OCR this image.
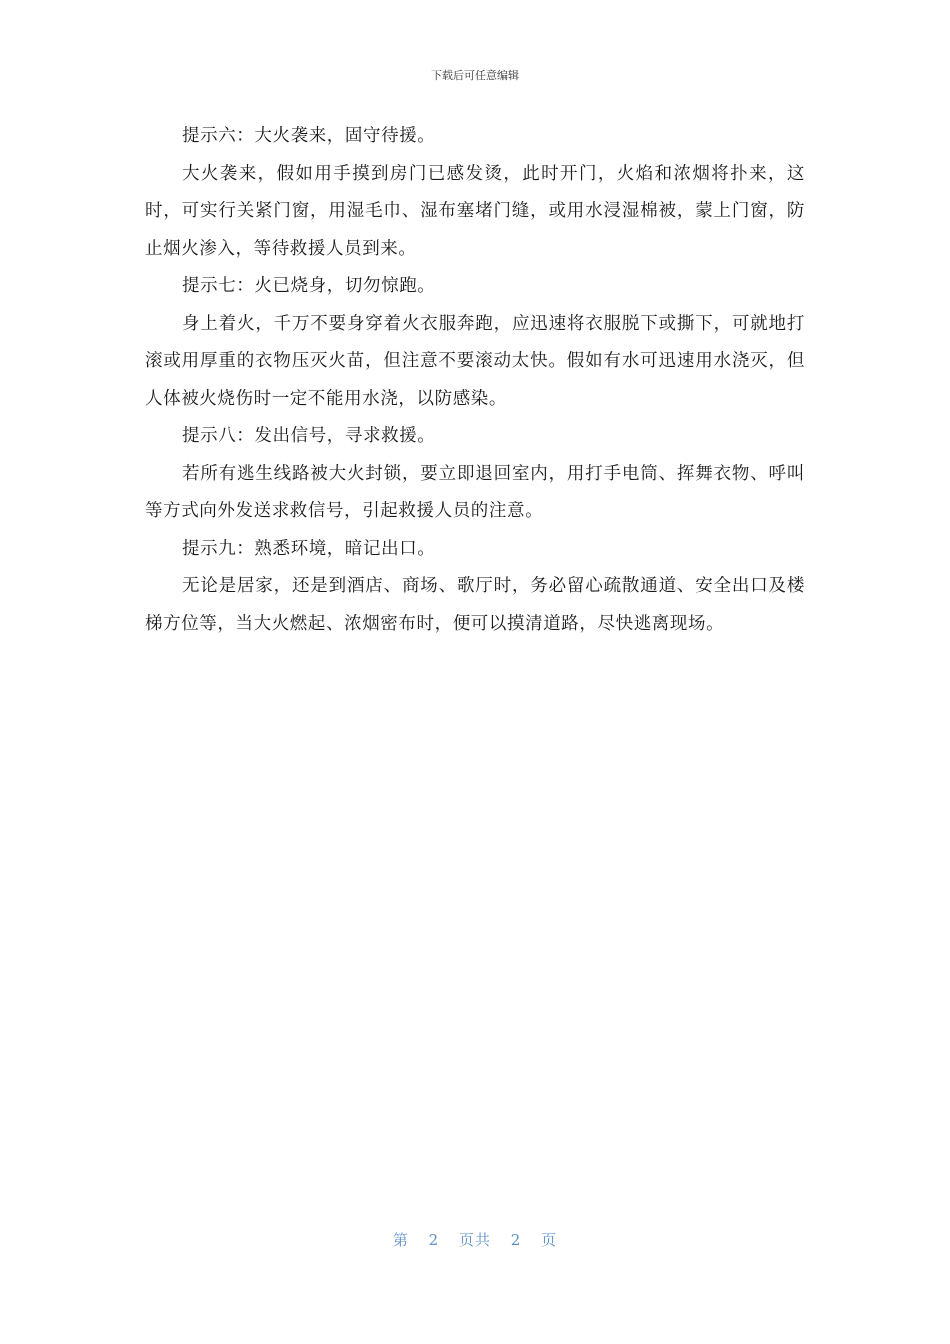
下载后可任意编辑

提示六：大火袭来，固守待援。

大火袭来，假如用手摸到房门已感发烫，此时开门，火焰和浓烟将扑来，这时，可实行关紧门窗，用湿毛巾、湿布塞堵门缝，或用水浸湿棉被，蒙上门窗，防止烟火渗入，等待救援人员到来。

提示七：火已烧身，切勿惊跑。

身上着火，千万不要身穿着火衣服奔跑，应迅速将衣服脱下或撕下，可就地打滚或用厚重的衣物压灭火苗，但注意不要滚动太快。假如有水可迅速用水浇灭，但人体被火烧伤时一定不能用水浇，以防感染。

提示八：发出信号，寻求救援。

若所有逃生线路被大火封锁，要立即退回室内，用打手电筒、挥舞衣物、呼叫等方式向外发送求救信号，引起救援人员的注意。

提示九：熟悉环境，暗记出口。

无论是居家，还是到酒店、商场、歌厅时，务必留心疏散通道、安全出口及楼梯方位等，当大火燃起、浓烟密布时，便可以摸清道路，尽快逃离现场。

第 2 页共 2 页
